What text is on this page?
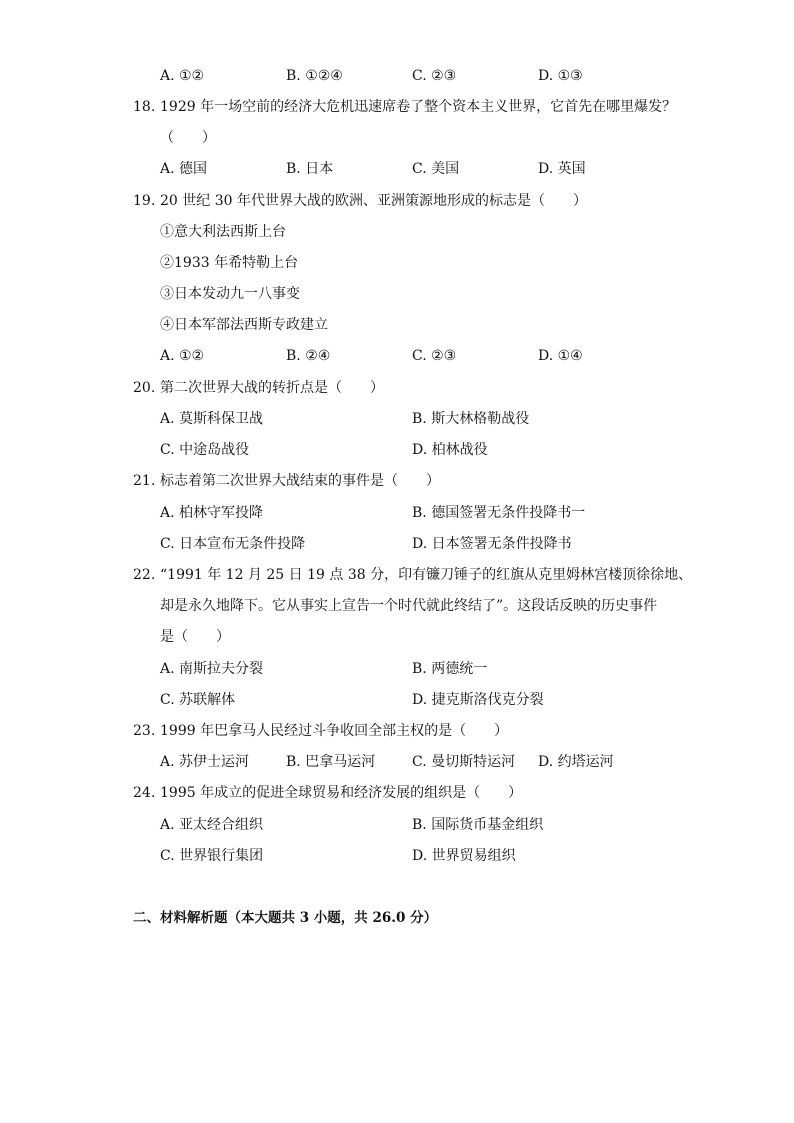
A. ①②	B. ①②④	C. ②③	D. ①③
18. 1929 年一场空前的经济大危机迅速席卷了整个资本主义世界，它首先在哪里爆发？
（　　）
A. 德国	B. 日本	C. 美国	D. 英国
19. 20 世纪 30 年代世界大战的欧洲、亚洲策源地形成的标志是（　　）
①意大利法西斯上台
②1933 年希特勒上台
③日本发动九一八事变
④日本军部法西斯专政建立
A. ①②	B. ②④	C. ②③	D. ①④
20. 第二次世界大战的转折点是（　　）
A. 莫斯科保卫战	B. 斯大林格勒战役
C. 中途岛战役	D. 柏林战役
21. 标志着第二次世界大战结束的事件是（　　）
A. 柏林守军投降	B. 德国签署无条件投降书一
C. 日本宣布无条件投降	D. 日本签署无条件投降书
22. “1991 年 12 月 25 日 19 点 38 分，印有镰刀锤子的红旗从克里姆林宫楼顶徐徐地、
却是永久地降下。它从事实上宣告一个时代就此终结了”。这段话反映的历史事件
是（　　）
A. 南斯拉夫分裂	B. 两德统一
C. 苏联解体	D. 捷克斯洛伐克分裂
23. 1999 年巴拿马人民经过斗争收回全部主权的是（　　）
A. 苏伊士运河	B. 巴拿马运河	C. 曼切斯特运河 D. 约塔运河
24. 1995 年成立的促进全球贸易和经济发展的组织是（　　）
A. 亚太经合组织	B. 国际货币基金组织
C. 世界银行集团	D. 世界贸易组织
二、材料解析题（本大题共 3 小题，共 26.0 分）
